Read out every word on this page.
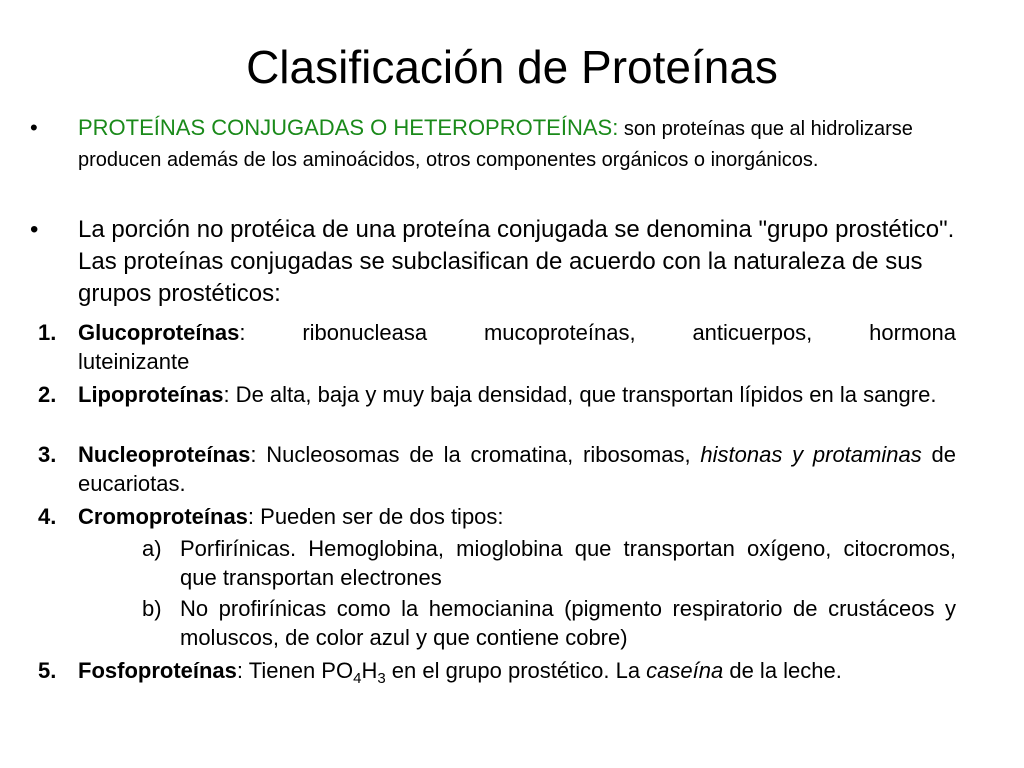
Clasificación de Proteínas
•	PROTEÍNAS CONJUGADAS O HETEROPROTEÍNAS: son proteínas que al hidrolizarse producen además de los aminoácidos, otros componentes orgánicos o inorgánicos.
•	La porción no protéica de una proteína conjugada se denomina "grupo prostético". Las proteínas conjugadas se subclasifican de acuerdo con la naturaleza de sus grupos prostéticos:
1. Glucoproteínas: ribonucleasa mucoproteínas, anticuerpos, hormona
luteinizante
2. Lipoproteínas: De alta, baja y muy baja densidad, que transportan lípidos en la sangre.
3. Nucleoproteínas: Nucleosomas de la cromatina, ribosomas, histonas y protaminas de eucariotas.
4. Cromoproteínas: Pueden ser de dos tipos:
a) Porfirínicas. Hemoglobina, mioglobina que transportan oxígeno, citocromos, que transportan electrones
b) No profirínicas como la hemocianina (pigmento respiratorio de crustáceos y moluscos, de color azul y que contiene cobre)
5. Fosfoproteínas: Tienen $PO_4H_3$ en el grupo prostético. La caseína de la leche.
